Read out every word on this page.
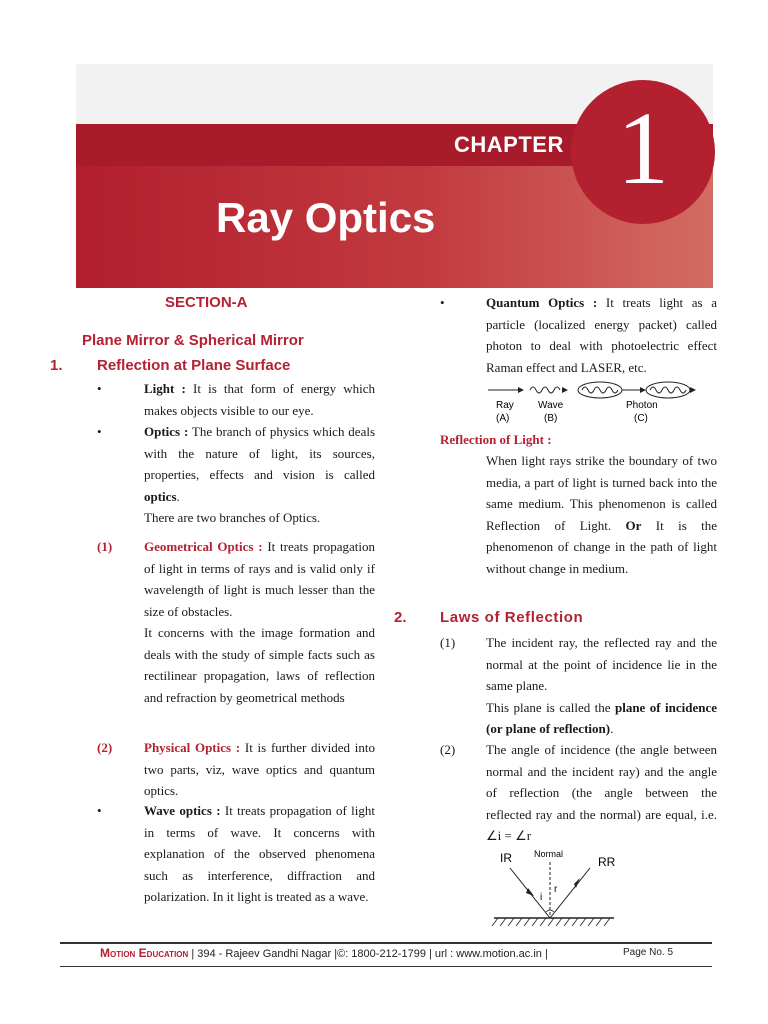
CHAPTER
Ray Optics
1
SECTION-A
Plane Mirror & Spherical Mirror
1. Reflection at Plane Surface
•	Light : It is that form of energy which makes objects visible to our eye.
•	Optics : The branch of physics which deals with the nature of light, its sources, properties, effects and vision is called optics.
There are two branches of Optics.
(1) Geometrical Optics : It treats propagation of light in terms of rays and is valid only if wavelength of light is much lesser than the size of obstacles.
It concerns with the image formation and deals with the study of simple facts such as rectilinear propagation, laws of reflection and refraction by geometrical methods
(2) Physical Optics : It is further divided into two parts, viz, wave optics and quantum optics.
•	Wave optics : It treats propagation of light in terms of wave. It concerns with explanation of the observed phenomena such as interference, diffraction and polarization. In it light is treated as a wave.
•	Quantum Optics : It treats light as a particle (localized energy packet) called photon to deal with photoelectric effect Raman effect and LASER, etc.
Ray
(A)
Wave
(B)
Photon
(C)
Reflection of Light :
When light rays strike the boundary of two media, a part of light is turned back into the same medium. This phenomenon is called Reflection of Light. Or It is the phenomenon of change in the path of light without change in medium.
2. Laws of Reflection
(1) The incident ray, the reflected ray and the normal at the point of incidence lie in the same plane.
This plane is called the plane of incidence (or plane of reflection).
(2) The angle of incidence (the angle between normal and the incident ray) and the angle of reflection (the angle between the reflected ray and the normal) are equal, i.e. ∠i = ∠r
IR Normal
RR
i
r
Motion Education | 394 - Rajeev Gandhi Nagar |©: 1800-212-1799 | url : www.motion.ac.in |	Page No. 5
